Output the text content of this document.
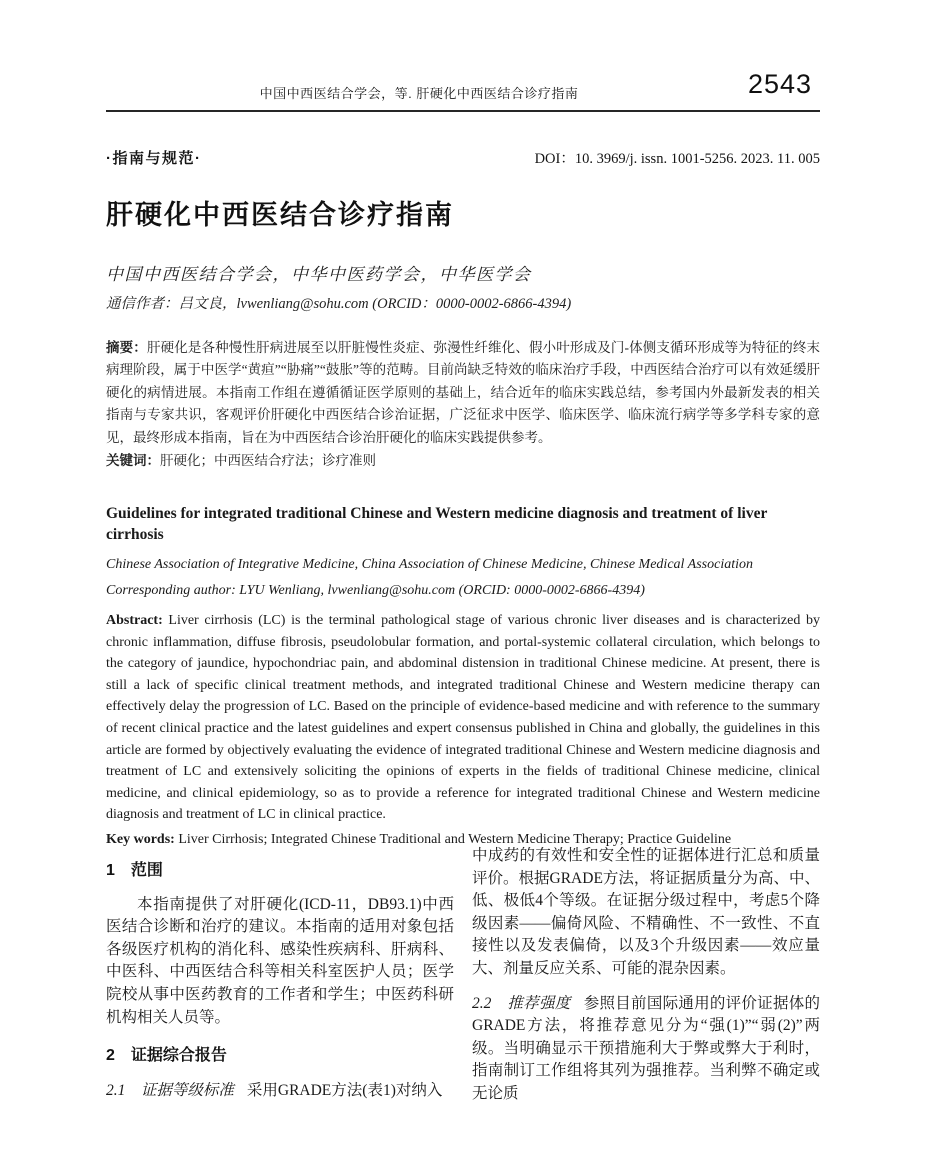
中国中西医结合学会，等. 肝硬化中西医结合诊疗指南	2543
·指南与规范·	DOI：10. 3969/j. issn. 1001-5256. 2023. 11. 005
肝硬化中西医结合诊疗指南
中国中西医结合学会，中华中医药学会，中华医学会
通信作者：吕文良，lvwenliang@sohu.com (ORCID：0000-0002-6866-4394)

摘要：肝硬化是各种慢性肝病进展至以肝脏慢性炎症、弥漫性纤维化、假小叶形成及门-体侧支循环形成等为特征的终末病理阶段，属于中医学“黄疸”“胁痛”“鼓胀”等的范畴。目前尚缺乏特效的临床治疗手段，中西医结合治疗可以有效延缓肝硬化的病情进展。本指南工作组在遵循循证医学原则的基础上，结合近年的临床实践总结，参考国内外最新发表的相关指南与专家共识，客观评价肝硬化中西医结合诊治证据，广泛征求中医学、临床医学、临床流行病学等多学科专家的意见，最终形成本指南，旨在为中西医结合诊治肝硬化的临床实践提供参考。

关键词：肝硬化；中西医结合疗法；诊疗准则

Guidelines for integrated traditional Chinese and Western medicine diagnosis and treatment of liver cirrhosis
Chinese Association of Integrative Medicine, China Association of Chinese Medicine, Chinese Medical Association
Corresponding author: LYU Wenliang, lvwenliang@sohu.com (ORCID: 0000-0002-6866-4394)

Abstract: Liver cirrhosis (LC) is the terminal pathological stage of various chronic liver diseases and is characterized by chronic inflammation, diffuse fibrosis, pseudolobular formation, and portal-systemic collateral circulation, which belongs to the category of jaundice, hypochondriac pain, and abdominal distension in traditional Chinese medicine. At present, there is still a lack of specific clinical treatment methods, and integrated traditional Chinese and Western medicine therapy can effectively delay the progression of LC. Based on the principle of evidence-based medicine and with reference to the summary of recent clinical practice and the latest guidelines and expert consensus published in China and globally, the guidelines in this article are formed by objectively evaluating the evidence of integrated traditional Chinese and Western medicine diagnosis and treatment of LC and extensively soliciting the opinions of experts in the fields of traditional Chinese medicine, clinical medicine, and clinical epidemiology, so as to provide a reference for integrated traditional Chinese and Western medicine diagnosis and treatment of LC in clinical practice.

Key words: Liver Cirrhosis; Integrated Chinese Traditional and Western Medicine Therapy; Practice Guideline

1　范围

本指南提供了对肝硬化(ICD-11，DB93.1)中西医结合诊断和治疗的建议。本指南的适用对象包括各级医疗机构的消化科、感染性疾病科、肝病科、中医科、中西医结合科等相关科室医护人员；医学院校从事中医药教育的工作者和学生；中医药科研机构相关人员等。

2　证据综合报告

2.1　证据等级标准 采用GRADE方法(表1)对纳入

中成药的有效性和安全性的证据体进行汇总和质量评价。根据GRADE方法，将证据质量分为高、中、低、极低4个等级。在证据分级过程中，考虑5个降级因素——偏倚风险、不精确性、不一致性、不直接性以及发表偏倚，以及3个升级因素——效应量大、剂量反应关系、可能的混杂因素。

2.2　推荐强度 参照目前国际通用的评价证据体的GRADE方法，将推荐意见分为“强(1)”“弱(2)”两级。当明确显示干预措施利大于弊或弊大于利时，指南制订工作组将其列为强推荐。当利弊不确定或无论质
